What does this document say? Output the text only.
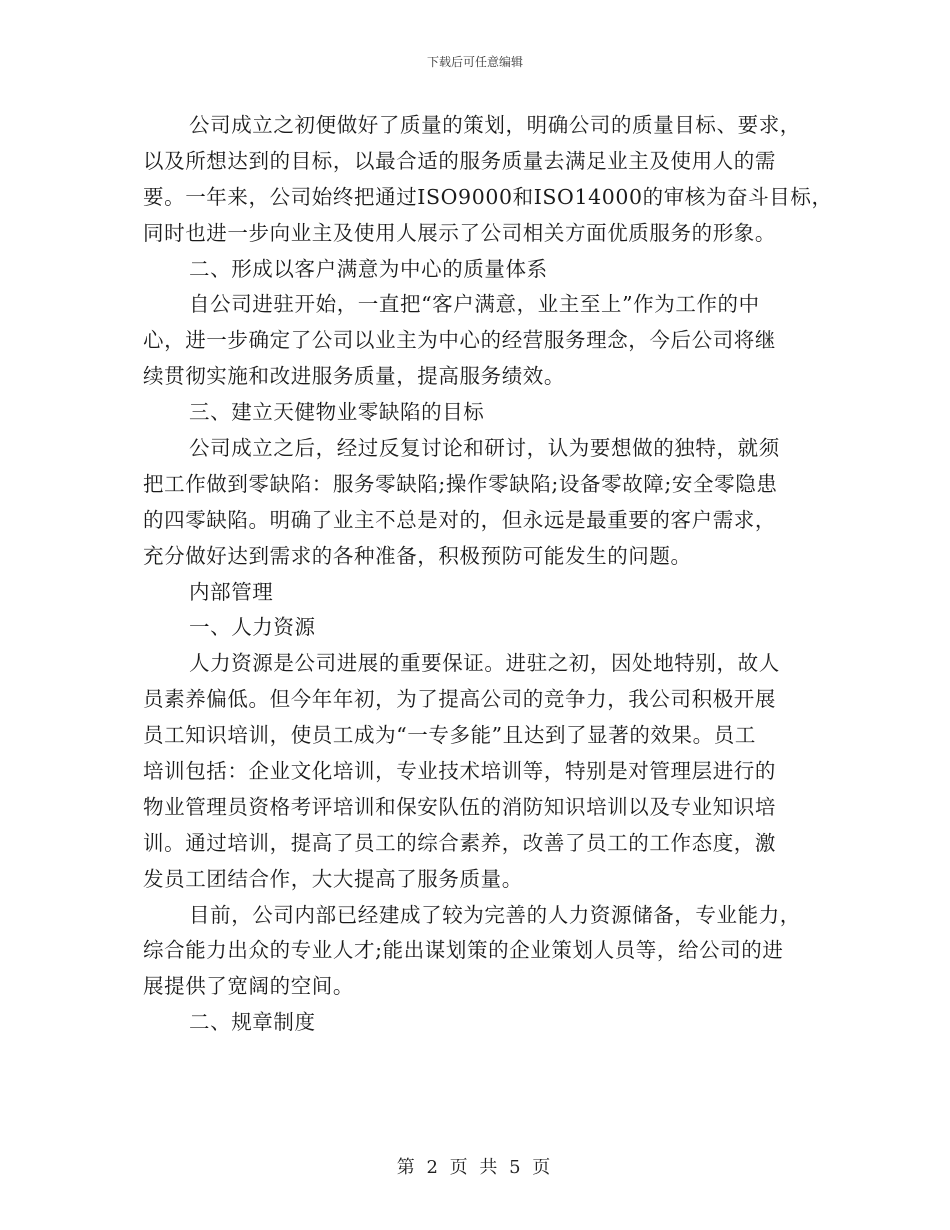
下载后可任意编辑
公司成立之初便做好了质量的策划，明确公司的质量目标、要求，
以及所想达到的目标，以最合适的服务质量去满足业主及使用人的需
要。一年来，公司始终把通过ISO9000和ISO14000的审核为奋斗目标，
同时也进一步向业主及使用人展示了公司相关方面优质服务的形象。
二、形成以客户满意为中心的质量体系
自公司进驻开始，一直把“客户满意，业主至上”作为工作的中
心，进一步确定了公司以业主为中心的经营服务理念，今后公司将继
续贯彻实施和改进服务质量，提高服务绩效。
三、建立天健物业零缺陷的目标
公司成立之后，经过反复讨论和研讨，认为要想做的独特，就须
把工作做到零缺陷：服务零缺陷;操作零缺陷;设备零故障;安全零隐患
的四零缺陷。明确了业主不总是对的，但永远是最重要的客户需求，
充分做好达到需求的各种准备，积极预防可能发生的问题。
内部管理
一、人力资源
人力资源是公司进展的重要保证。进驻之初，因处地特别，故人
员素养偏低。但今年年初，为了提高公司的竞争力，我公司积极开展
员工知识培训，使员工成为“一专多能”且达到了显著的效果。员工
培训包括：企业文化培训，专业技术培训等，特别是对管理层进行的
物业管理员资格考评培训和保安队伍的消防知识培训以及专业知识培
训。通过培训，提高了员工的综合素养，改善了员工的工作态度，激
发员工团结合作，大大提高了服务质量。
目前，公司内部已经建成了较为完善的人力资源储备，专业能力，
综合能力出众的专业人才;能出谋划策的企业策划人员等，给公司的进
展提供了宽阔的空间。
二、规章制度
第 2 页 共 5 页
